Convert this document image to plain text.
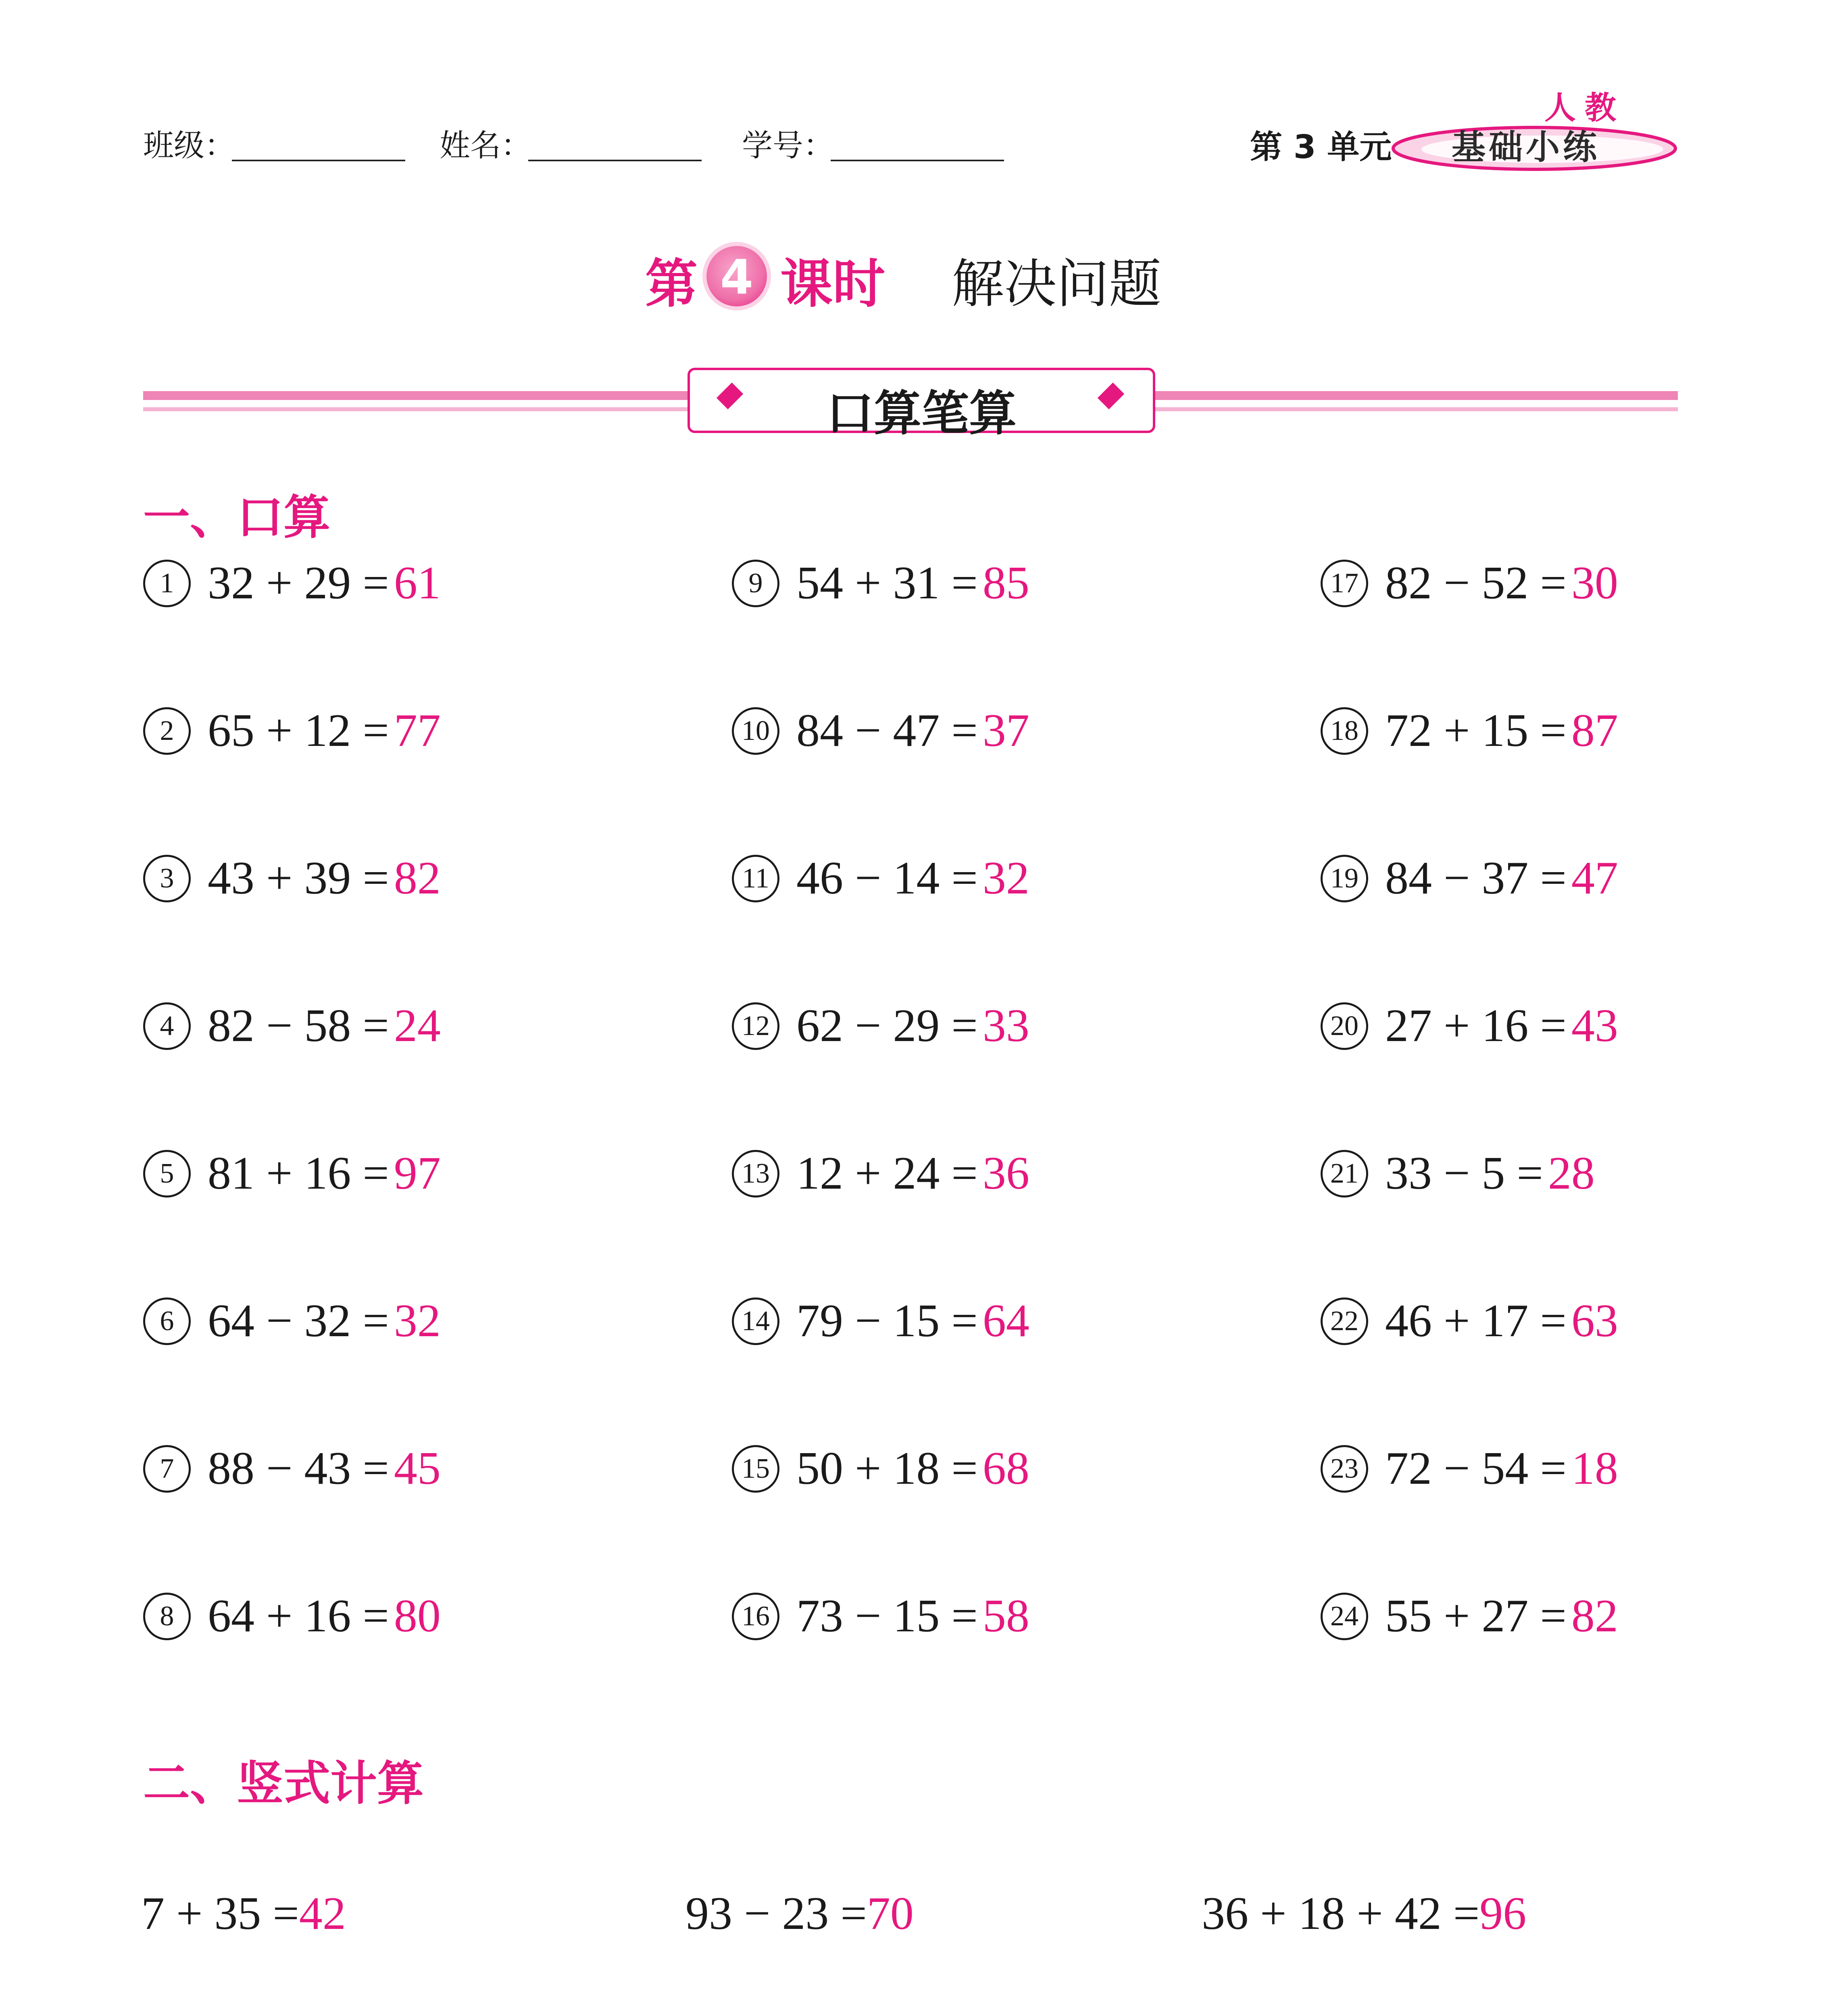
班级：	姓名：	学号：	第 3 单元
人教
基础小练
第 4 课时 解决问题
口算笔算
一、口算
1 32 + 29 = 61
2 65 + 12 = 77
3 43 + 39 = 82
4 82 − 58 = 24
5 81 + 16 = 97
6 64 − 32 = 32
7 88 − 43 = 45
8 64 + 16 = 80
9 54 + 31 = 85
10 84 − 47 = 37
11 46 − 14 = 32
12 62 − 29 = 33
13 12 + 24 = 36
14 79 − 15 = 64
15 50 + 18 = 68
16 73 − 15 = 58
17 82 − 52 = 30
18 72 + 15 = 87
19 84 − 37 = 47
20 27 + 16 = 43
21 33 − 5 = 28
22 46 + 17 = 63
23 72 − 54 = 18
24 55 + 27 = 82
二、竖式计算
7 + 35 =42	93 − 23 =70	36 + 18 + 42 =96
